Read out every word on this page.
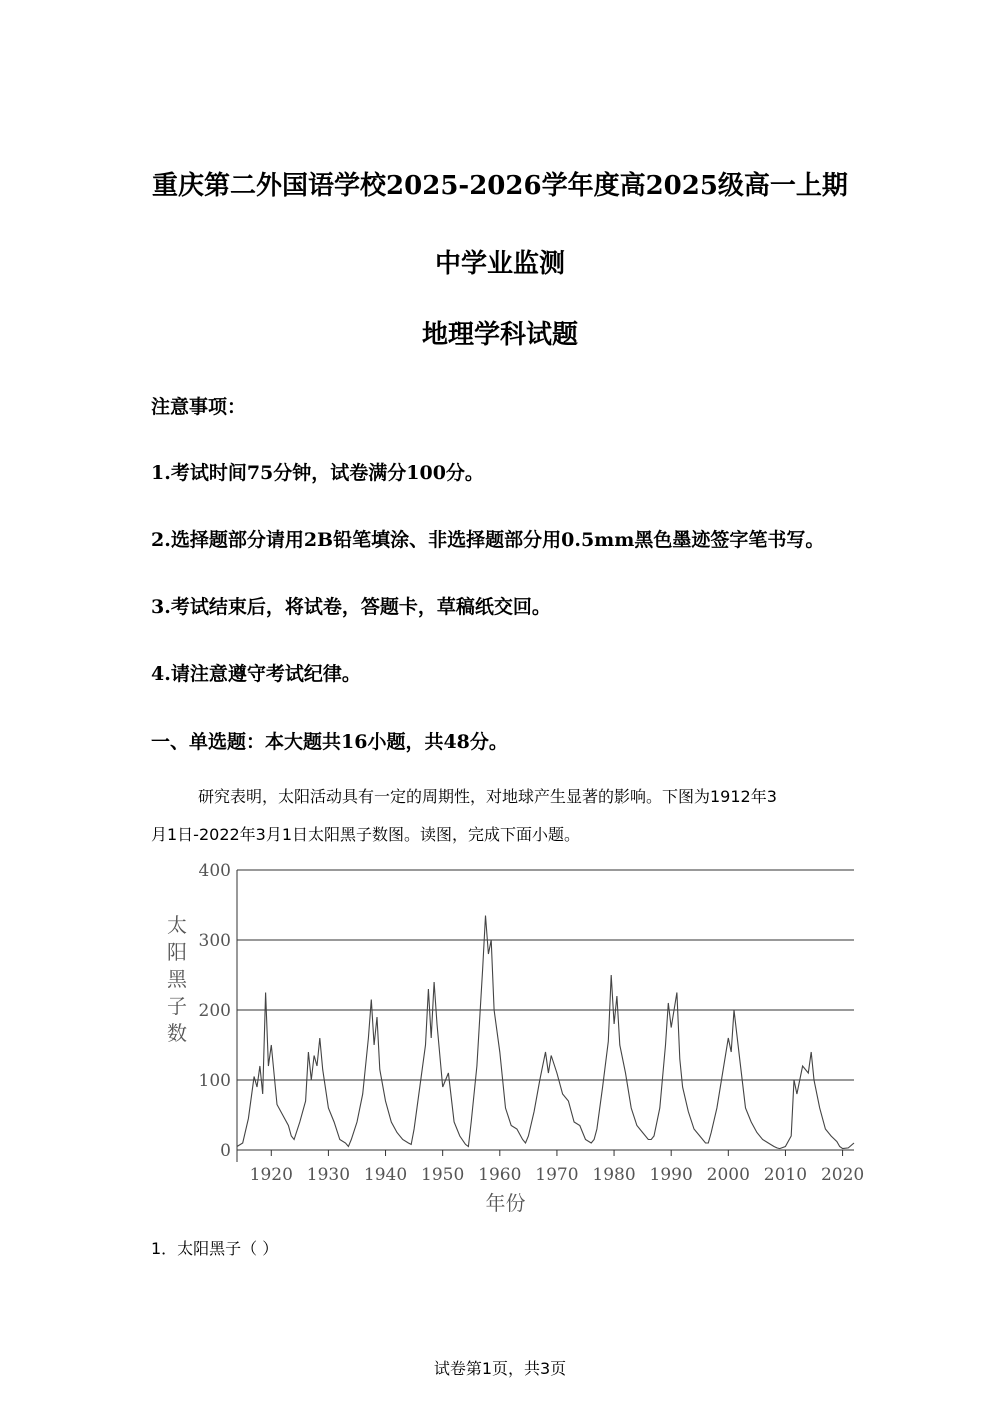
重庆第二外国语学校2025-2026学年度高2025级高一上期
中学业监测
地理学科试题
注意事项：
1.考试时间75分钟，试卷满分100分。
2.选择题部分请用2B铅笔填涂、非选择题部分用0.5mm黑色墨迹签字笔书写。
3.考试结束后，将试卷，答题卡，草稿纸交回。
4.请注意遵守考试纪律。
一、单选题：本大题共16小题，共48分。
研究表明，太阳活动具有一定的周期性，对地球产生显著的影响。下图为1912年3
月1日-2022年3月1日太阳黑子数图。读图，完成下面小题。
0
100
200
300
400
1920 1930 1940 1950 1960 1970 1980 1990 2000 2010 2020
年份
太
阳
黑
子
数
1．太阳黑子（ ）
试卷第1页，共3页
